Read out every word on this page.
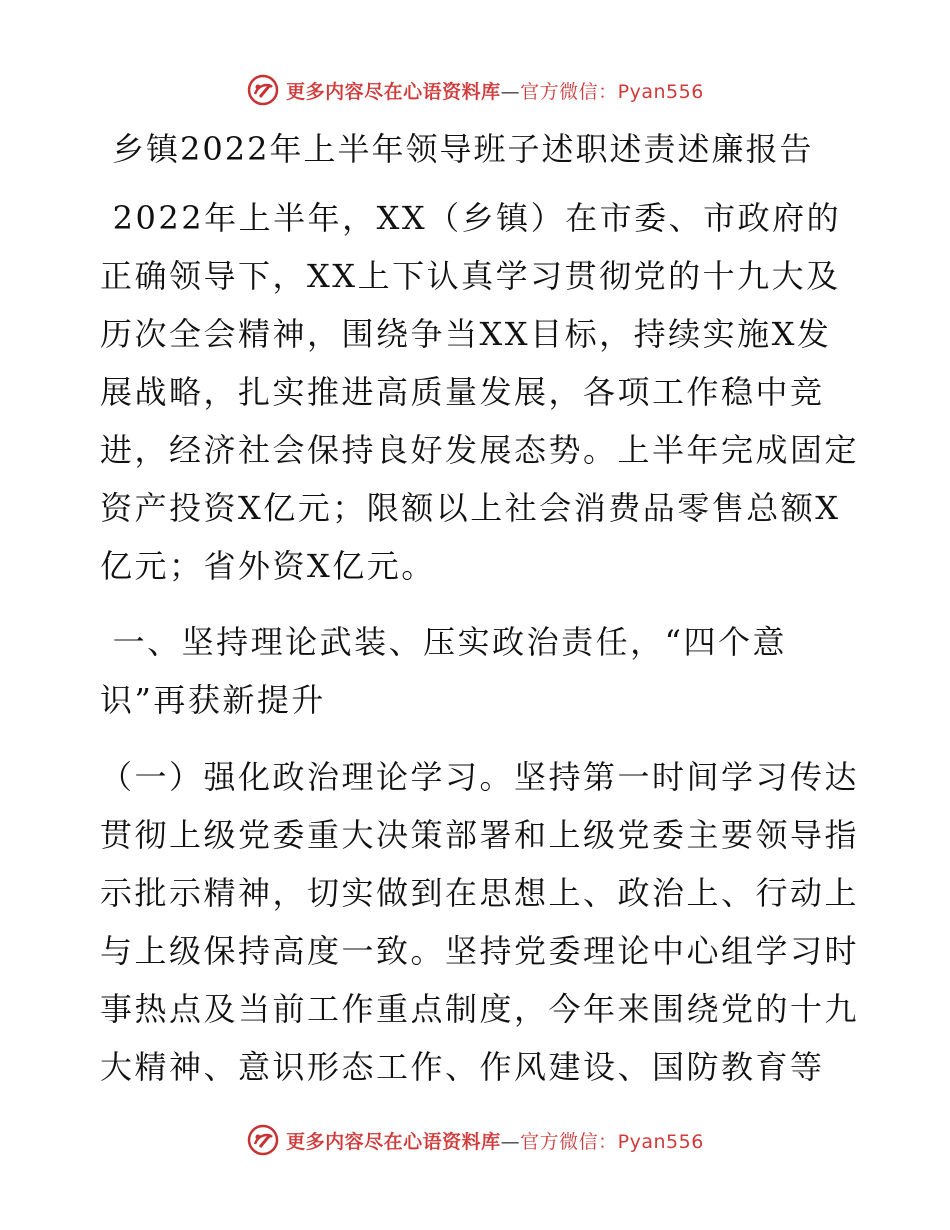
更多内容尽在心语资料库—官方微信：Pyan556
乡镇2022年上半年领导班子述职述责述廉报告
2022年上半年，XX（乡镇）在市委、市政府的正确领导下，XX上下认真学习贯彻党的十九大及历次全会精神，围绕争当XX目标，持续实施X发展战略，扎实推进高质量发展，各项工作稳中竞进，经济社会保持良好发展态势。上半年完成固定资产投资X亿元；限额以上社会消费品零售总额X亿元；省外资X亿元。
一、坚持理论武装、压实政治责任，“四个意识”再获新提升
（一）强化政治理论学习。坚持第一时间学习传达贯彻上级党委重大决策部署和上级党委主要领导指示批示精神，切实做到在思想上、政治上、行动上与上级保持高度一致。坚持党委理论中心组学习时事热点及当前工作重点制度，今年来围绕党的十九大精神、意识形态工作、作风建设、国防教育等
更多内容尽在心语资料库—官方微信：Pyan556
